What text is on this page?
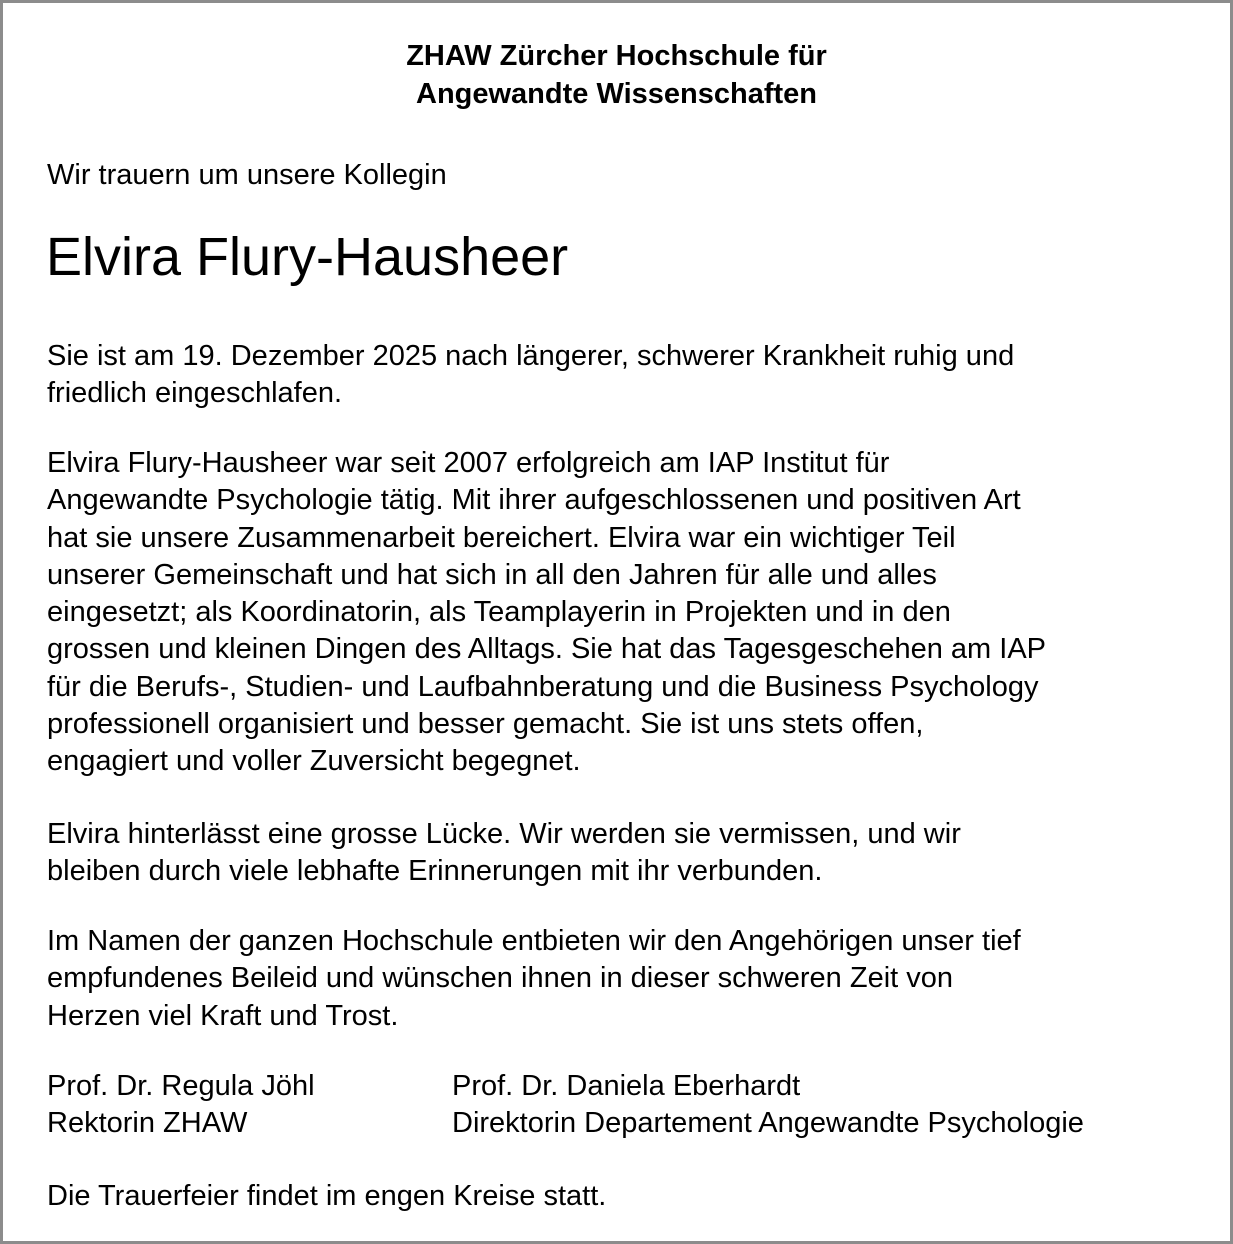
ZHAW Zürcher Hochschule für
Angewandte Wissenschaften
Wir trauern um unsere Kollegin
Elvira Flury-Hausheer
Sie ist am 19. Dezember 2025 nach längerer, schwerer Krankheit ruhig und
friedlich eingeschlafen.
Elvira Flury-Hausheer war seit 2007 erfolgreich am IAP Institut für
Angewandte Psychologie tätig. Mit ihrer aufgeschlossenen und positiven Art
hat sie unsere Zusammenarbeit bereichert. Elvira war ein wichtiger Teil
unserer Gemeinschaft und hat sich in all den Jahren für alle und alles
eingesetzt; als Koordinatorin, als Teamplayerin in Projekten und in den
grossen und kleinen Dingen des Alltags. Sie hat das Tagesgeschehen am IAP
für die Berufs-, Studien- und Laufbahnberatung und die Business Psychology
professionell organisiert und besser gemacht. Sie ist uns stets offen,
engagiert und voller Zuversicht begegnet.
Elvira hinterlässt eine grosse Lücke. Wir werden sie vermissen, und wir
bleiben durch viele lebhafte Erinnerungen mit ihr verbunden.
Im Namen der ganzen Hochschule entbieten wir den Angehörigen unser tief
empfundenes Beileid und wünschen ihnen in dieser schweren Zeit von
Herzen viel Kraft und Trost.
Prof. Dr. Regula Jöhl
Rektorin ZHAW
Prof. Dr. Daniela Eberhardt
Direktorin Departement Angewandte Psychologie
Die Trauerfeier findet im engen Kreise statt.
